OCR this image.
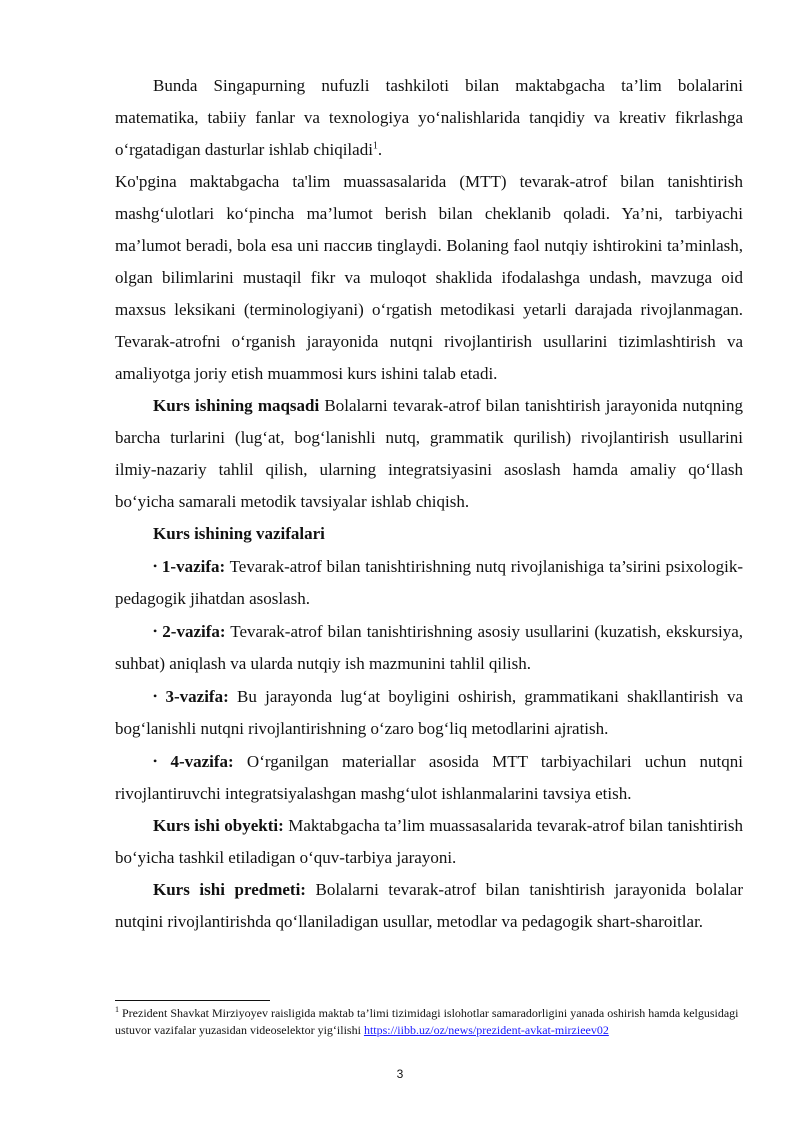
Bunda Singapurning nufuzli tashkiloti bilan maktabgacha ta’lim bolalarini matematika, tabiiy fanlar va texnologiya yo‘nalishlarida tanqidiy va kreativ fikrlashga o‘rgatadigan dasturlar ishlab chiqiladi$^1$.

Ko'pgina maktabgacha ta'lim muassasalarida (MTT) tevarak-atrof bilan tanishtirish mashg‘ulotlari ko‘pincha ma’lumot berish bilan cheklanib qoladi. Ya’ni, tarbiyachi ma’lumot beradi, bola esa uni пассив tinglaydi. Bolaning faol nutqiy ishtirokini ta’minlash, olgan bilimlarini mustaqil fikr va muloqot shaklida ifodalashga undash, mavzuga oid maxsus leksikani (terminologiyani) o‘rgatish metodikasi yetarli darajada rivojlanmagan. Tevarak-atrofni o‘rganish jarayonida nutqni rivojlantirish usullarini tizimlashtirish va amaliyotga joriy etish muammosi kurs ishini talab etadi.

Kurs ishining maqsadi Bolalarni tevarak-atrof bilan tanishtirish jarayonida nutqning barcha turlarini (lug‘at, bog‘lanishli nutq, grammatik qurilish) rivojlantirish usullarini ilmiy-nazariy tahlil qilish, ularning integratsiyasini asoslash hamda amaliy qo‘llash bo‘yicha samarali metodik tavsiyalar ishlab chiqish.

Kurs ishining vazifalari

• 1-vazifa: Tevarak-atrof bilan tanishtirishning nutq rivojlanishiga ta’sirini psixologik-pedagogik jihatdan asoslash.

• 2-vazifa: Tevarak-atrof bilan tanishtirishning asosiy usullarini (kuzatish, ekskursiya, suhbat) aniqlash va ularda nutqiy ish mazmunini tahlil qilish.

• 3-vazifa: Bu jarayonda lug‘at boyligini oshirish, grammatikani shakllantirish va bog‘lanishli nutqni rivojlantirishning o‘zaro bog‘liq metodlarini ajratish.

• 4-vazifa: O‘rganilgan materiallar asosida MTT tarbiyachilari uchun nutqni rivojlantiruvchi integratsiyalashgan mashg‘ulot ishlanmalarini tavsiya etish.

Kurs ishi obyekti: Maktabgacha ta’lim muassasalarida tevarak-atrof bilan tanishtirish bo‘yicha tashkil etiladigan o‘quv-tarbiya jarayoni.

Kurs ishi predmeti: Bolalarni tevarak-atrof bilan tanishtirish jarayonida bolalar nutqini rivojlantirishda qo‘llaniladigan usullar, metodlar va pedagogik shart-sharoitlar.

$^1$ Prezident Shavkat Mirziyoyev raisligida maktab ta’limi tizimidagi islohotlar samaradorligini yanada oshirish hamda kelgusidagi ustuvor vazifalar yuzasidan videoselektor yig‘ilishi https://iibb.uz/oz/news/prezident-avkat-mirzieev02

3
